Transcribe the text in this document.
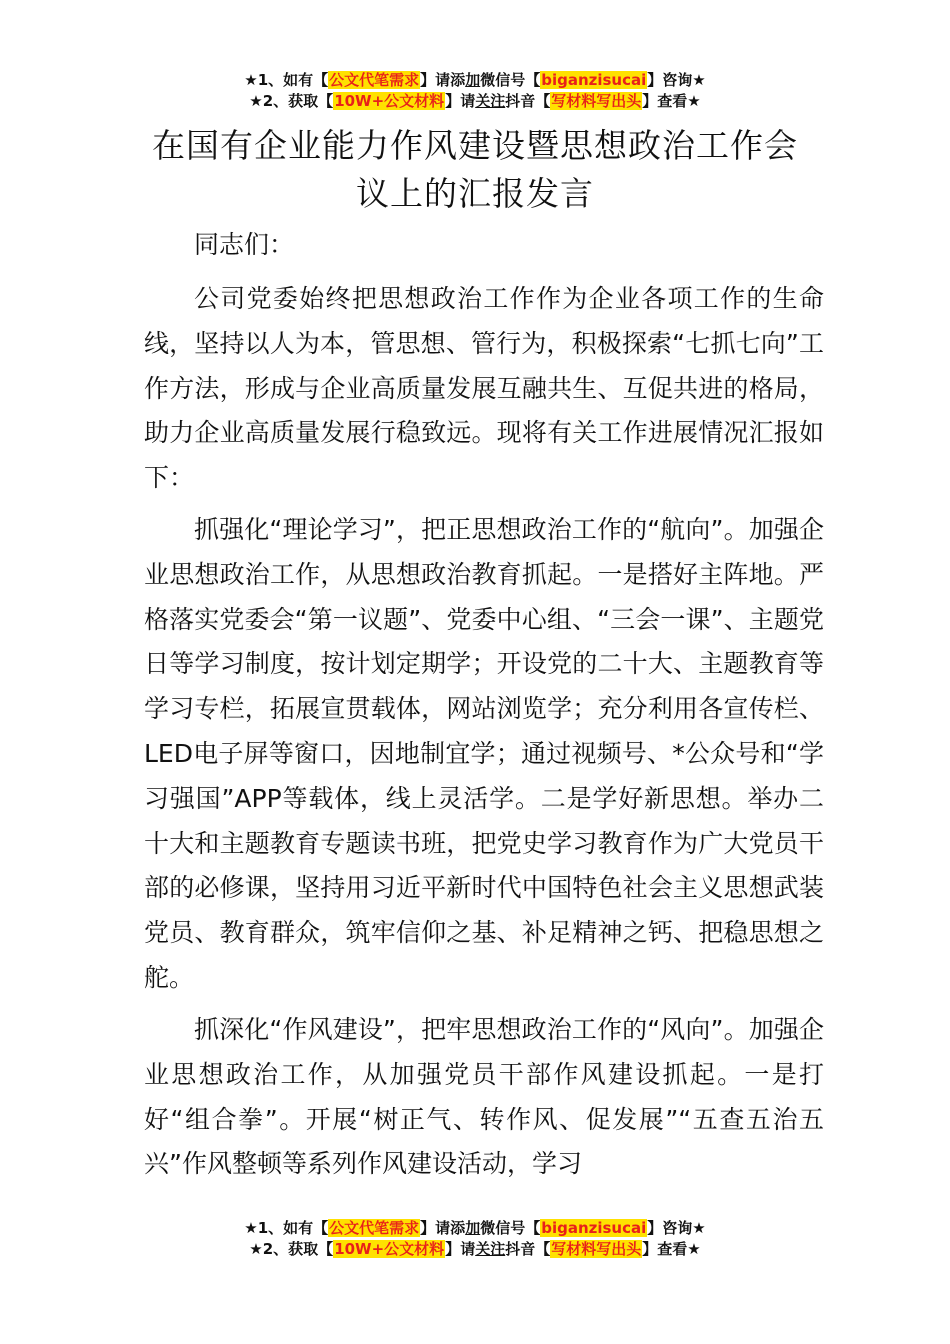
★1、如有【公文代笔需求】请添加微信号【biganzisucai】咨询★
★2、获取【10W+公文材料】请关注抖音【写材料写出头】查看★
在国有企业能力作风建设暨思想政治工作会
议上的汇报发言

同志们：

公司党委始终把思想政治工作作为企业各项工作的生命线，坚持以人为本，管思想、管行为，积极探索“七抓七向”工作方法，形成与企业高质量发展互融共生、互促共进的格局，助力企业高质量发展行稳致远。现将有关工作进展情况汇报如下：

抓强化“理论学习”，把正思想政治工作的“航向”。加强企业思想政治工作，从思想政治教育抓起。一是搭好主阵地。严格落实党委会“第一议题”、党委中心组、“三会一课”、主题党日等学习制度，按计划定期学；开设党的二十大、主题教育等学习专栏，拓展宣贯载体，网站浏览学；充分利用各宣传栏、LED电子屏等窗口，因地制宜学；通过视频号、*公众号和“学习强国”APP等载体，线上灵活学。二是学好新思想。举办二十大和主题教育专题读书班，把党史学习教育作为广大党员干部的必修课，坚持用习近平新时代中国特色社会主义思想武装党员、教育群众，筑牢信仰之基、补足精神之钙、把稳思想之舵。

抓深化“作风建设”，把牢思想政治工作的“风向”。加强企业思想政治工作，从加强党员干部作风建设抓起。一是打好“组合拳”。开展“树正气、转作风、促发展”“五查五治五兴”作风整顿等系列作风建设活动，学习

★1、如有【公文代笔需求】请添加微信号【biganzisucai】咨询★
★2、获取【10W+公文材料】请关注抖音【写材料写出头】查看★
